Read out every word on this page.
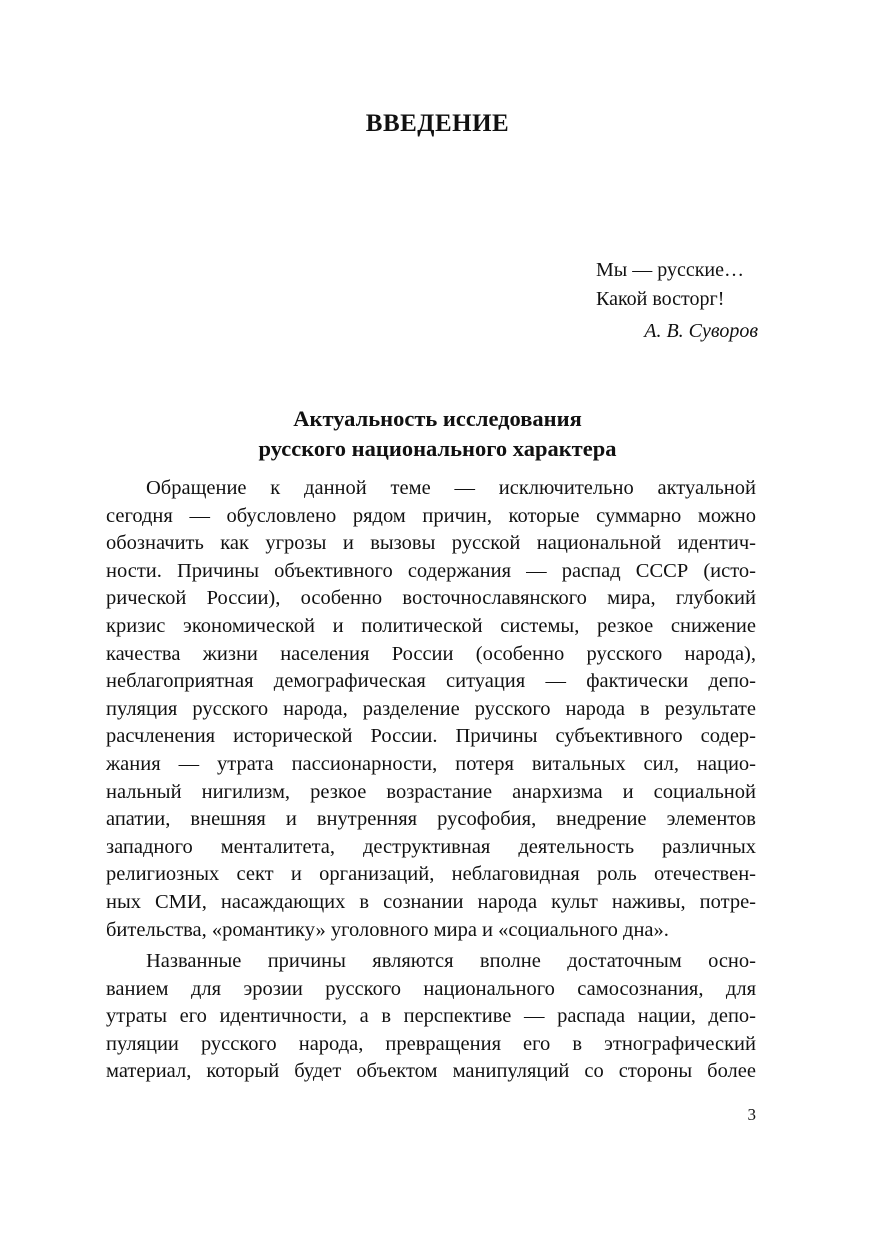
ВВЕДЕНИЕ
Мы — русские…
Какой восторг!
А. В. Суворов
Актуальность исследования
русского национального характера

Обращение к данной теме — исключительно актуальной
сегодня — обусловлено рядом причин, которые суммарно можно
обозначить как угрозы и вызовы русской национальной идентич-
ности. Причины объективного содержания — распад СССР (исто-
рической России), особенно восточнославянского мира, глубокий
кризис экономической и политической системы, резкое снижение
качества жизни населения России (особенно русского народа),
неблагоприятная демографическая ситуация — фактически депо-
пуляция русского народа, разделение русского народа в результате
расчленения исторической России. Причины субъективного содер-
жания — утрата пассионарности, потеря витальных сил, нацио-
нальный нигилизм, резкое возрастание анархизма и социальной
апатии, внешняя и внутренняя русофобия, внедрение элементов
западного менталитета, деструктивная деятельность различных
религиозных сект и организаций, неблаговидная роль отечествен-
ных СМИ, насаждающих в сознании народа культ наживы, потре-
бительства, «романтику» уголовного мира и «социального дна».

Названные причины являются вполне достаточным осно-
ванием для эрозии русского национального самосознания, для
утраты его идентичности, а в перспективе — распада нации, депо-
пуляции русского народа, превращения его в этнографический
материал, который будет объектом манипуляций со стороны более

3
